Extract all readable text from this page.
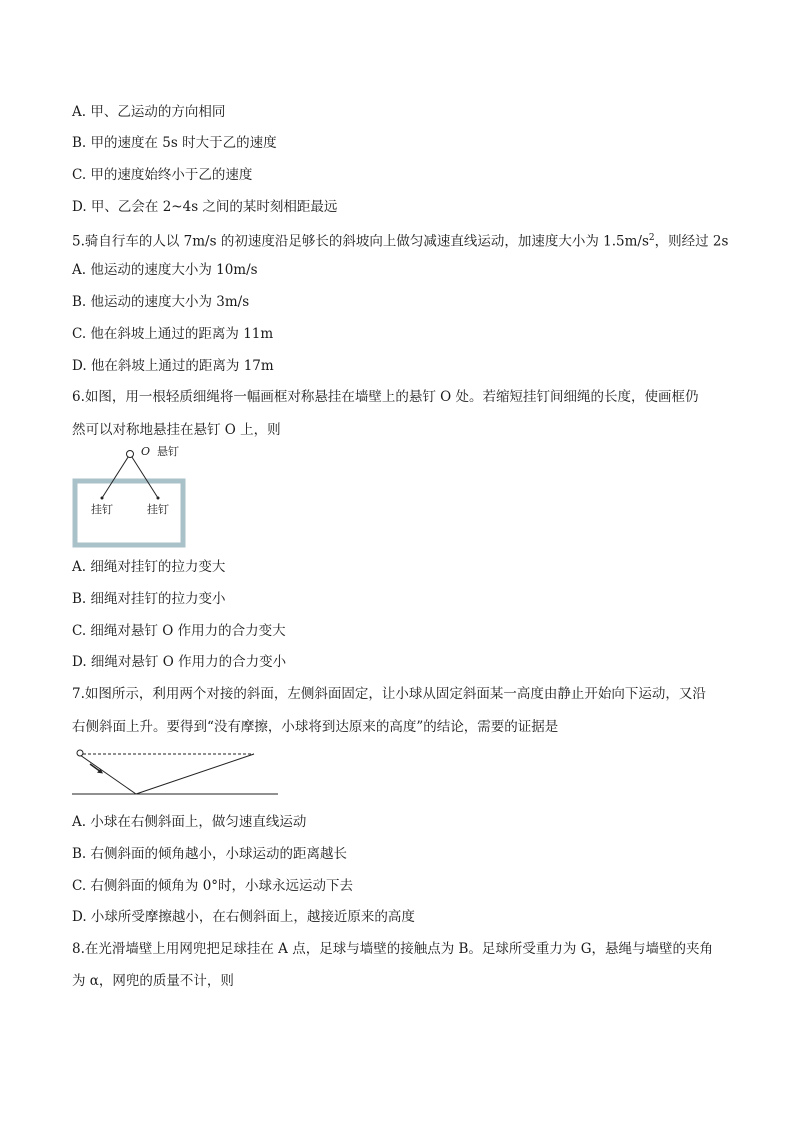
A. 甲、乙运动的方向相同
B. 甲的速度在 5s 时大于乙的速度
C. 甲的速度始终小于乙的速度
D. 甲、乙会在 2~4s 之间的某时刻相距最远
5.骑自行车的人以 7m/s 的初速度沿足够长的斜坡向上做匀减速直线运动，加速度大小为 $1.5m/s^2$，则经过 2s
A. 他运动的速度大小为 10m/s
B. 他运动的速度大小为 3m/s
C. 他在斜坡上通过的距离为 11m
D. 他在斜坡上通过的距离为 17m
6.如图，用一根轻质细绳将一幅画框对称悬挂在墙壁上的悬钉 O 处。若缩短挂钉间细绳的长度，使画框仍
然可以对称地悬挂在悬钉 O 上，则
O 悬钉
挂钉	挂钉
A. 细绳对挂钉的拉力变大
B. 细绳对挂钉的拉力变小
C. 细绳对悬钉 O 作用力的合力变大
D. 细绳对悬钉 O 作用力的合力变小
7.如图所示，利用两个对接的斜面，左侧斜面固定，让小球从固定斜面某一高度由静止开始向下运动，又沿
右侧斜面上升。要得到“没有摩擦，小球将到达原来的高度”的结论，需要的证据是
A. 小球在右侧斜面上，做匀速直线运动
B. 右侧斜面的倾角越小，小球运动的距离越长
C. 右侧斜面的倾角为 0°时，小球永远运动下去
D. 小球所受摩擦越小，在右侧斜面上，越接近原来的高度
8.在光滑墙壁上用网兜把足球挂在 A 点，足球与墙壁的接触点为 B。足球所受重力为 G，悬绳与墙壁的夹角
为 α，网兜的质量不计，则
